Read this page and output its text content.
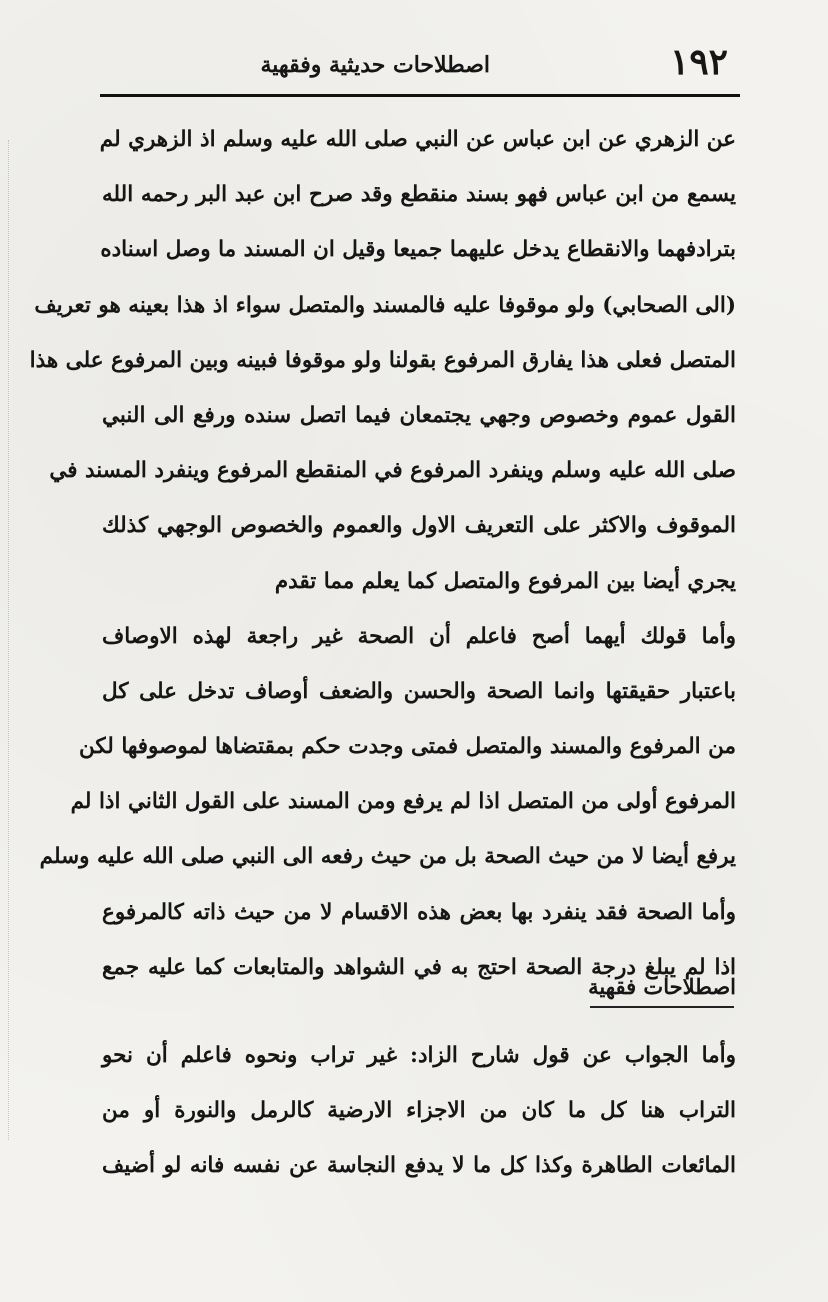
١٩٢
اصطلاحات حديثية وفقهية
عن الزهري عن ابن عباس عن النبي صلى الله عليه وسلم اذ الزهري لم
يسمع من ابن عباس فهو بسند منقطع وقد صرح ابن عبد البر رحمه الله
بترادفهما والانقطاع يدخل عليهما جميعا وقيل ان المسند ما وصل اسناده
(الى الصحابي) ولو موقوفا عليه فالمسند والمتصل سواء اذ هذا بعينه هو تعريف
المتصل فعلى هذا يفارق المرفوع بقولنا ولو موقوفا فبينه وبين المرفوع على هذا
القول عموم وخصوص وجهي يجتمعان فيما اتصل سنده ورفع الى النبي
صلى الله عليه وسلم وينفرد المرفوع في المنقطع المرفوع وينفرد المسند في
الموقوف والاكثر على التعريف الاول والعموم والخصوص الوجهي كذلك
يجري أيضا بين المرفوع والمتصل كما يعلم مما تقدم
وأما قولك أيهما أصح فاعلم أن الصحة غير راجعة لهذه الاوصاف
باعتبار حقيقتها وانما الصحة والحسن والضعف أوصاف تدخل على كل
من المرفوع والمسند والمتصل فمتى وجدت حكم بمقتضاها لموصوفها لكن
المرفوع أولى من المتصل اذا لم يرفع ومن المسند على القول الثاني اذا لم
يرفع أيضا لا من حيث الصحة بل من حيث رفعه الى النبي صلى الله عليه وسلم
وأما الصحة فقد ينفرد بها بعض هذه الاقسام لا من حيث ذاته كالمرفوع
اذا لم يبلغ درجة الصحة احتج به في الشواهد والمتابعات كما عليه جمع
اصطلاحات فقهية
وأما الجواب عن قول شارح الزاد: غير تراب ونحوه فاعلم أن نحو
التراب هنا كل ما كان من الاجزاء الارضية كالرمل والنورة أو من
المائعات الطاهرة وكذا كل ما لا يدفع النجاسة عن نفسه فانه لو أضيف
